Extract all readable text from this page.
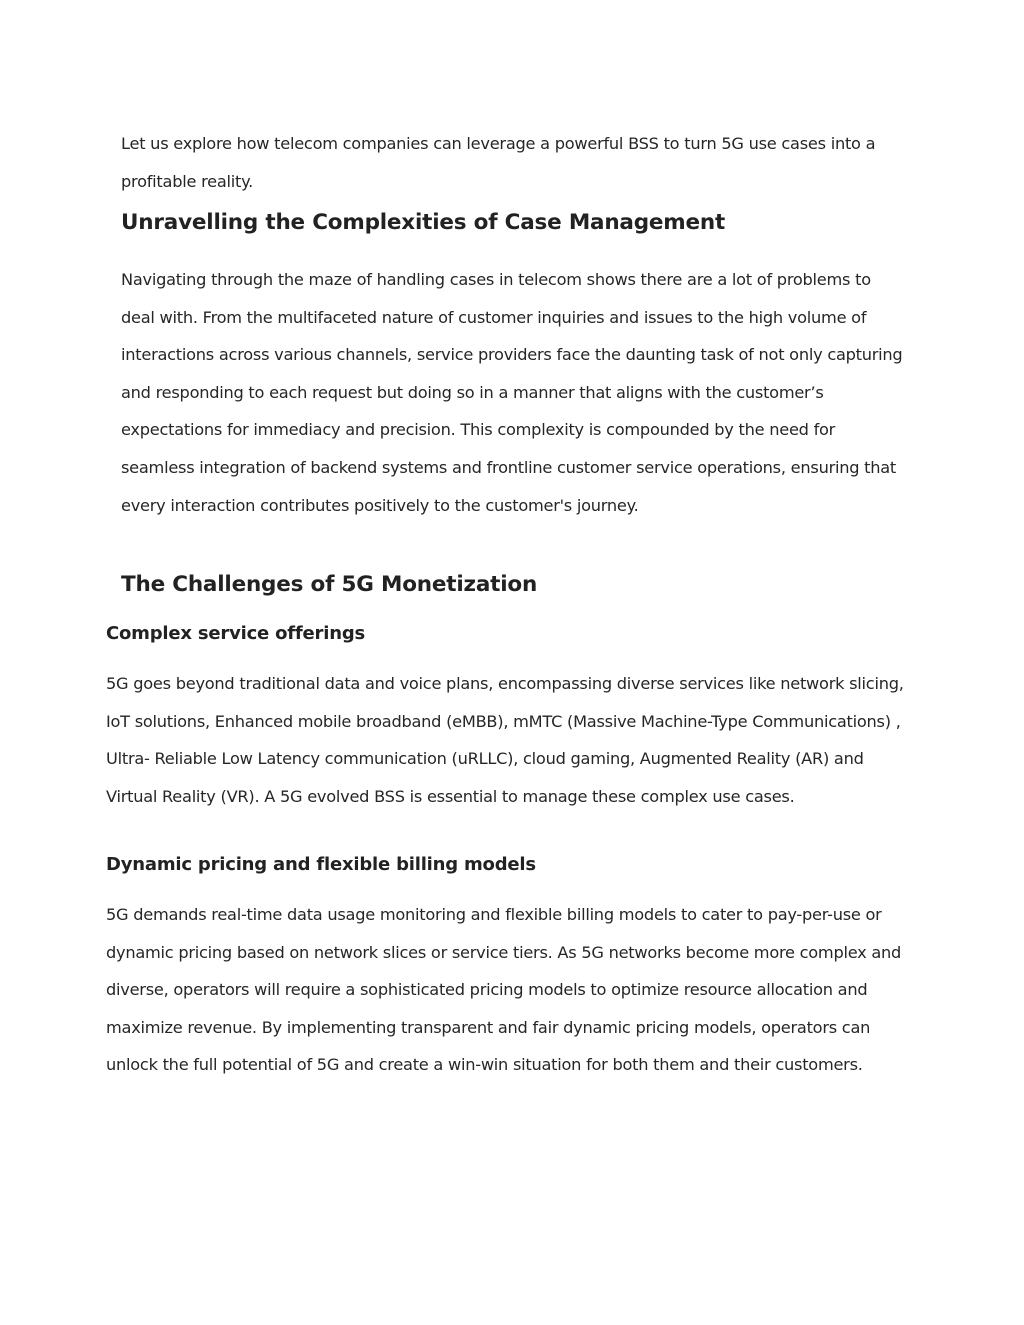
Let us explore how telecom companies can leverage a powerful BSS to turn 5G use cases into a profitable reality.

Unravelling the Complexities of Case Management

Navigating through the maze of handling cases in telecom shows there are a lot of problems to deal with. From the multifaceted nature of customer inquiries and issues to the high volume of interactions across various channels, service providers face the daunting task of not only capturing and responding to each request but doing so in a manner that aligns with the customer’s expectations for immediacy and precision. This complexity is compounded by the need for seamless integration of backend systems and frontline customer service operations, ensuring that every interaction contributes positively to the customer's journey.

The Challenges of 5G Monetization
Complex service offerings

5G goes beyond traditional data and voice plans, encompassing diverse services like network slicing, IoT solutions, Enhanced mobile broadband (eMBB), mMTC (Massive Machine-Type Communications) , Ultra- Reliable Low Latency communication (uRLLC), cloud gaming, Augmented Reality (AR) and Virtual Reality (VR). A 5G evolved BSS is essential to manage these complex use cases.

Dynamic pricing and flexible billing models

5G demands real-time data usage monitoring and flexible billing models to cater to pay-per-use or dynamic pricing based on network slices or service tiers. As 5G networks become more complex and diverse, operators will require a sophisticated pricing models to optimize resource allocation and maximize revenue. By implementing transparent and fair dynamic pricing models, operators can unlock the full potential of 5G and create a win-win situation for both them and their customers.
